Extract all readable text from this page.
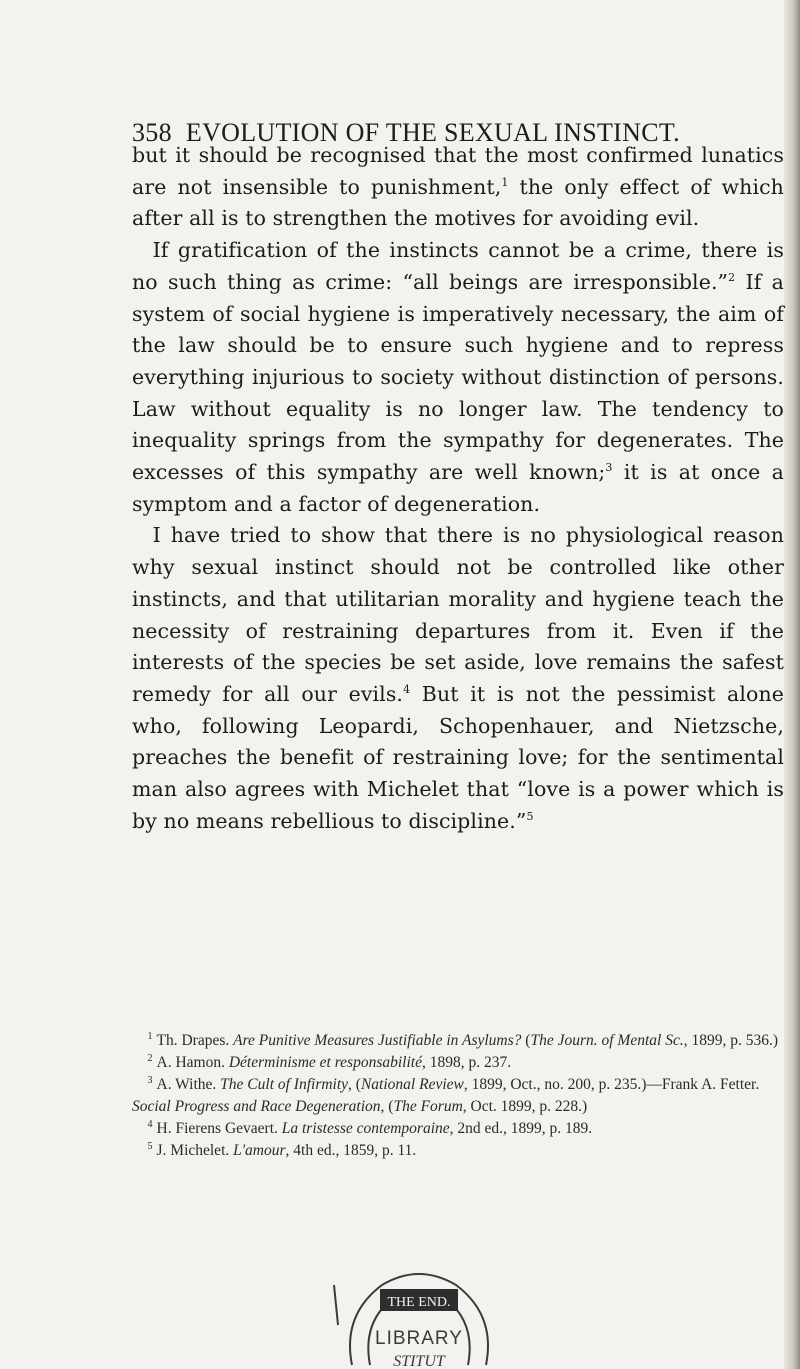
358 EVOLUTION OF THE SEXUAL INSTINCT.

but it should be recognised that the most confirmed lunatics are not insensible to punishment,$^1$ the only effect of which after all is to strengthen the motives for avoiding evil.

 If gratification of the instincts cannot be a crime, there is no such thing as crime: “all beings are irresponsible.”$^2$ If a system of social hygiene is imperatively necessary, the aim of the law should be to ensure such hygiene and to repress everything injurious to society without distinction of persons. Law without equality is no longer law. The tendency to inequality springs from the sympathy for degenerates. The excesses of this sympathy are well known;$^3$ it is at once a symptom and a factor of degeneration.

 I have tried to show that there is no physiological reason why sexual instinct should not be controlled like other instincts, and that utilitarian morality and hygiene teach the necessity of restraining departures from it. Even if the interests of the species be set aside, love remains the safest remedy for all our evils.$^4$ But it is not the pessimist alone who, following Leopardi, Schopenhauer, and Nietzsche, preaches the benefit of restraining love; for the sentimental man also agrees with Michelet that “love is a power which is by no means rebellious to discipline.”$^5$

 $^1$ Th. Drapes. Are Punitive Measures Justifiable in Asylums? (The Journ. of Mental Sc., 1899, p. 536.)

 $^2$ A. Hamon. Déterminisme et responsabilité, 1898, p. 237.

 $^3$ A. Withe. The Cult of Infirmity, (National Review, 1899, Oct., no. 200, p. 235.)—Frank A. Fetter. Social Progress and Race Degeneration, (The Forum, Oct. 1899, p. 228.)

 $^4$ H. Fierens Gevaert. La tristesse contemporaine, 2nd ed., 1899, p. 189.

 $^5$ J. Michelet. L'amour, 4th ed., 1859, p. 11.

THE END.
LIBRARY
STITUT
